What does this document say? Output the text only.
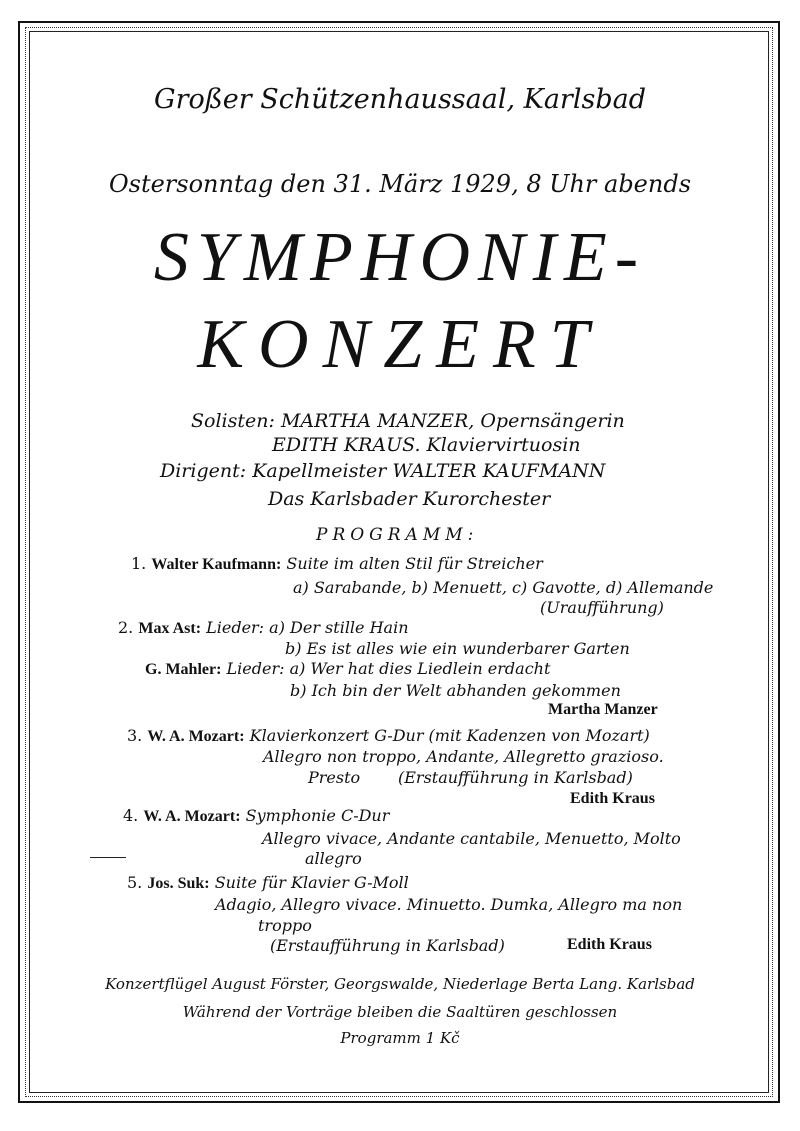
Großer Schützenhaussaal, Karlsbad
Ostersonntag den 31. März 1929, 8 Uhr abends
SYMPHONIE-
KONZERT
Solisten: MARTHA MANZER, Opernsängerin
EDITH KRAUS. Klaviervirtuosin
Dirigent: Kapellmeister WALTER KAUFMANN
Das Karlsbader Kurorchester
PROGRAMM:
1. Walter Kaufmann: Suite im alten Stil für Streicher
a) Sarabande, b) Menuett, c) Gavotte, d) Allemande
(Uraufführung)
2. Max Ast: Lieder: a) Der stille Hain
b) Es ist alles wie ein wunderbarer Garten
G. Mahler: Lieder: a) Wer hat dies Liedlein erdacht
b) Ich bin der Welt abhanden gekommen
Martha Manzer
3. W. A. Mozart: Klavierkonzert G-Dur (mit Kadenzen von Mozart)
Allegro non troppo, Andante, Allegretto grazioso.
Presto (Erstaufführung in Karlsbad)
Edith Kraus
4. W. A. Mozart: Symphonie C-Dur
Allegro vivace, Andante cantabile, Menuetto, Molto
allegro
5. Jos. Suk: Suite für Klavier G-Moll
Adagio, Allegro vivace. Minuetto. Dumka, Allegro ma non
troppo
(Erstaufführung in Karlsbad)	Edith Kraus
Konzertflügel August Förster, Georgswalde, Niederlage Berta Lang. Karlsbad
Während der Vorträge bleiben die Saaltüren geschlossen
Programm 1 Kč
